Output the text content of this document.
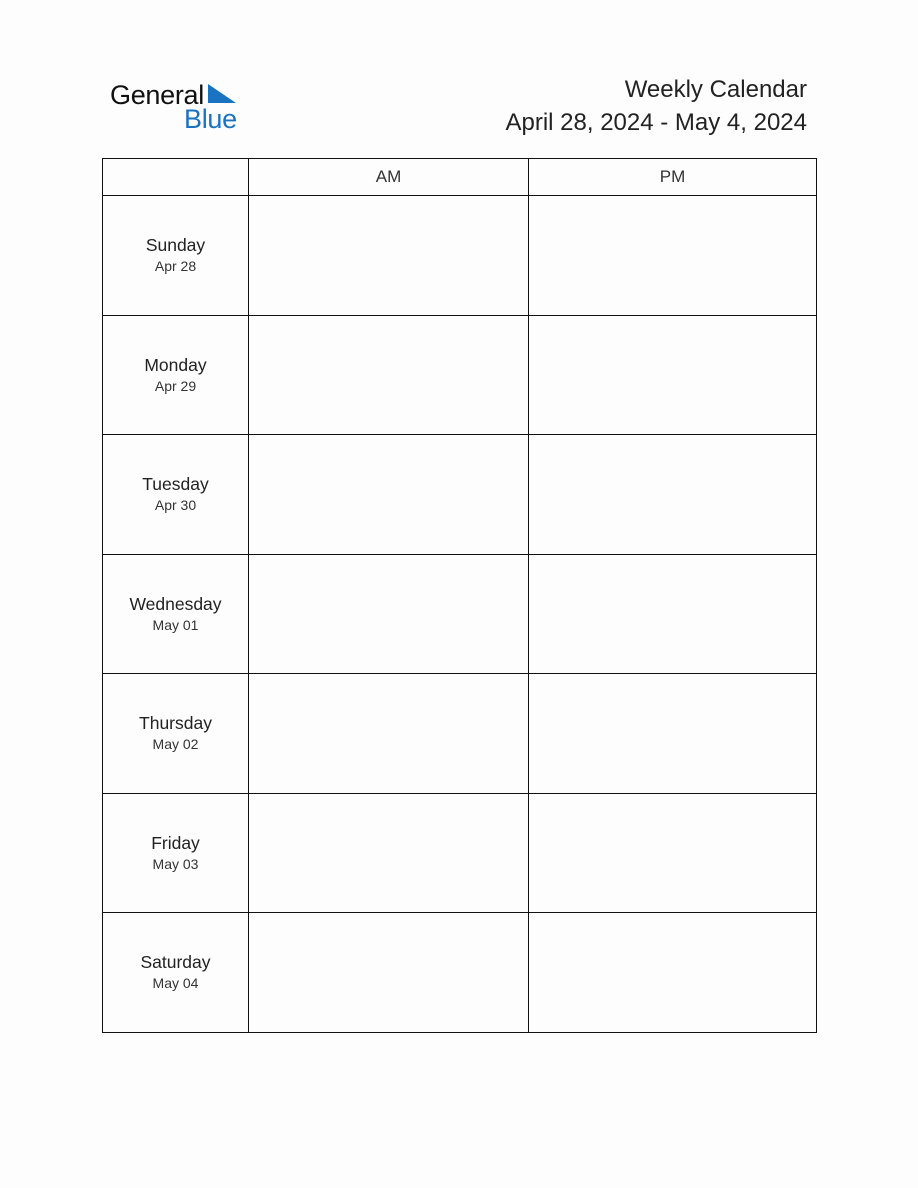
General
Blue
Weekly Calendar
April 28, 2024 - May 4, 2024
	AM	PM

Sunday
Apr 28		

Monday
Apr 29		

Tuesday
Apr 30		

Wednesday
May 01		

Thursday
May 02		

Friday
May 03		

Saturday
May 04		
